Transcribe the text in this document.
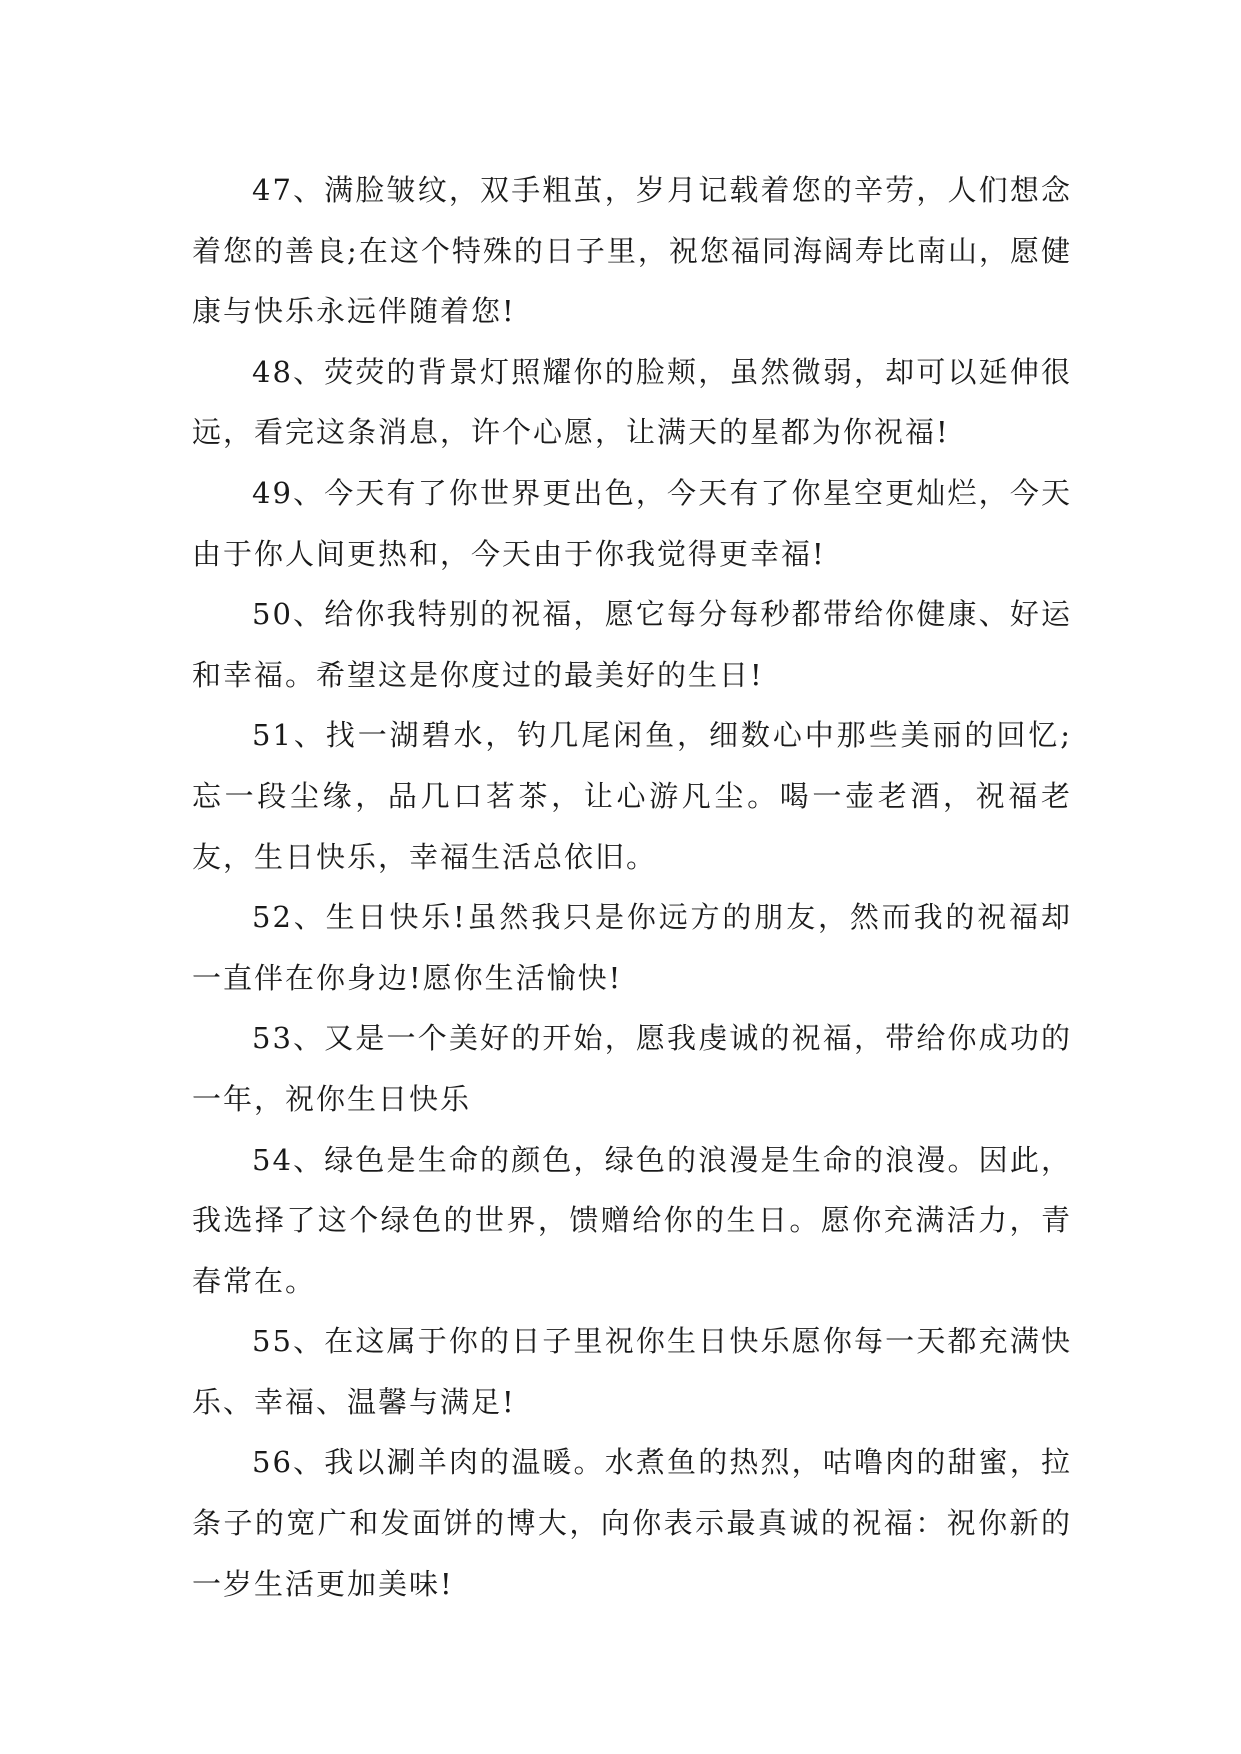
47、满脸皱纹，双手粗茧，岁月记载着您的辛劳，人们想念着您的善良;在这个特殊的日子里，祝您福同海阔寿比南山，愿健康与快乐永远伴随着您!

48、荧荧的背景灯照耀你的脸颊，虽然微弱，却可以延伸很远，看完这条消息，许个心愿，让满天的星都为你祝福!

49、今天有了你世界更出色，今天有了你星空更灿烂，今天由于你人间更热和，今天由于你我觉得更幸福!

50、给你我特别的祝福，愿它每分每秒都带给你健康、好运和幸福。希望这是你度过的最美好的生日!

51、找一湖碧水，钓几尾闲鱼，细数心中那些美丽的回忆;忘一段尘缘，品几口茗茶，让心游凡尘。喝一壶老酒，祝福老友，生日快乐，幸福生活总依旧。

52、生日快乐!虽然我只是你远方的朋友，然而我的祝福却一直伴在你身边!愿你生活愉快!

53、又是一个美好的开始，愿我虔诚的祝福，带给你成功的一年，祝你生日快乐

54、绿色是生命的颜色，绿色的浪漫是生命的浪漫。因此，我选择了这个绿色的世界，馈赠给你的生日。愿你充满活力，青春常在。

55、在这属于你的日子里祝你生日快乐愿你每一天都充满快乐、幸福、温馨与满足!

56、我以涮羊肉的温暖。水煮鱼的热烈，咕噜肉的甜蜜，拉条子的宽广和发面饼的博大，向你表示最真诚的祝福：祝你新的一岁生活更加美味!
